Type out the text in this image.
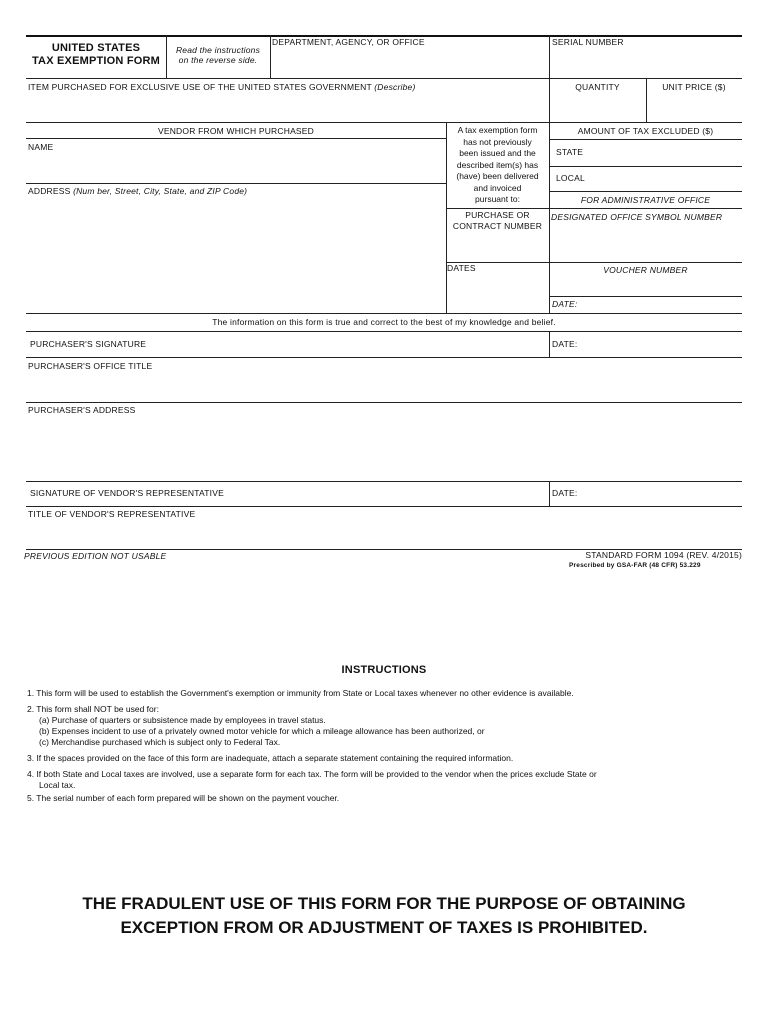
UNITED STATES
TAX EXEMPTION FORM
Read the instructions
on the reverse side.
DEPARTMENT, AGENCY, OR OFFICE	SERIAL NUMBER
ITEM PURCHASED FOR EXCLUSIVE USE OF THE UNITED STATES GOVERNMENT (Describe)	QUANTITY	UNIT PRICE ($)
VENDOR FROM WHICH PURCHASED
NAME
ADDRESS (Num ber, Street, City, State, and ZIP Code)
A tax exemption form
has not previously
been issued and the
described item(s) has
(have) been delivered
and invoiced
pursuant to:
PURCHASE OR
CONTRACT NUMBER
DATES
AMOUNT OF TAX EXCLUDED ($)
STATE
LOCAL
FOR ADMINISTRATIVE OFFICE
DESIGNATED OFFICE SYMBOL NUMBER
VOUCHER NUMBER
DATE:
The information on this form is true and correct to the best of my knowledge and belief.
PURCHASER'S SIGNATURE	DATE:
PURCHASER'S OFFICE TITLE
PURCHASER'S ADDRESS
SIGNATURE OF VENDOR'S REPRESENTATIVE	DATE:
TITLE OF VENDOR'S REPRESENTATIVE
PREVIOUS EDITION NOT USABLE	STANDARD FORM 1094 (REV. 4/2015)
Prescribed by GSA-FAR (48 CFR) 53.229
INSTRUCTIONS
1. This form will be used to establish the Government's exemption or immunity from State or Local taxes whenever no other evidence is available.
2. This form shall NOT be used for:
(a) Purchase of quarters or subsistence made by employees in travel status.
(b) Expenses incident to use of a privately owned motor vehicle for which a mileage allowance has been authorized, or
(c) Merchandise purchased which is subject only to Federal Tax.
3. If the spaces provided on the face of this form are inadequate, attach a separate statement containing the required information.
4. If both State and Local taxes are involved, use a separate form for each tax. The form will be provided to the vendor when the prices exclude State or
Local tax.
5. The serial number of each form prepared will be shown on the payment voucher.
THE FRADULENT USE OF THIS FORM FOR THE PURPOSE OF OBTAINING
EXCEPTION FROM OR ADJUSTMENT OF TAXES IS PROHIBITED.
